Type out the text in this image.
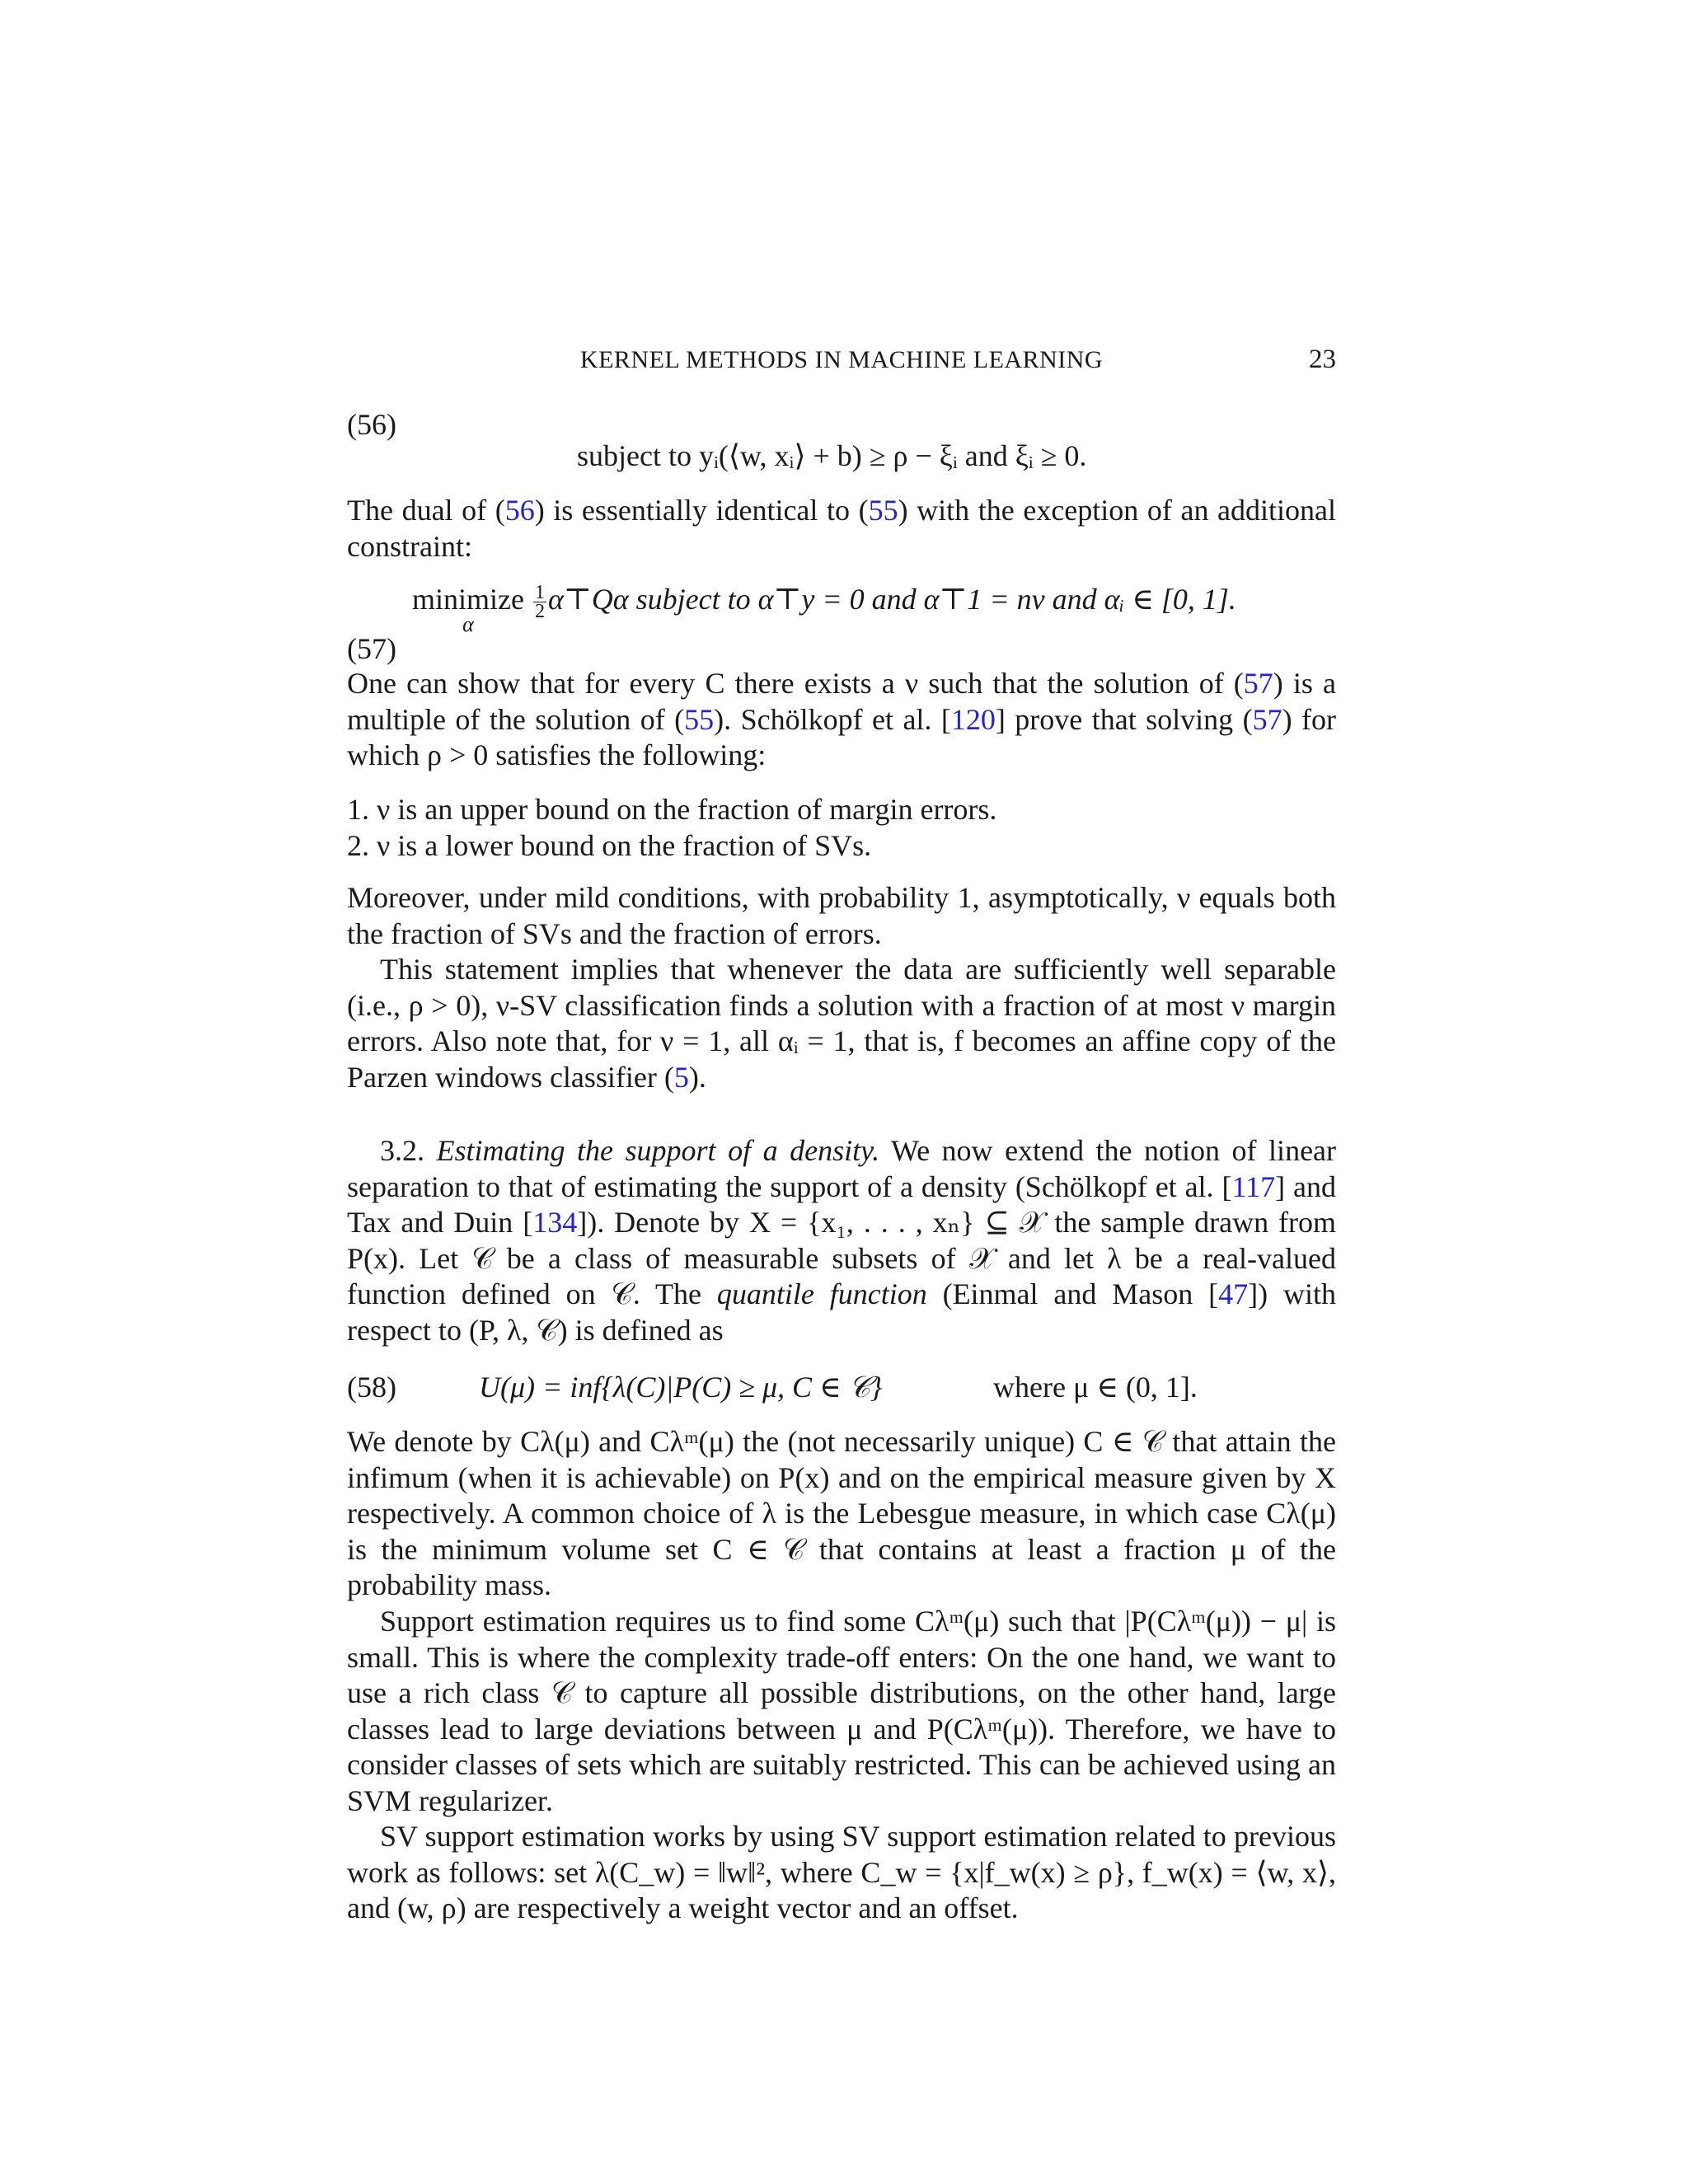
KERNEL METHODS IN MACHINE LEARNING	23
(56)
subject to yᵢ(⟨w, xᵢ⟩ + b) ≥ ρ − ξᵢ and ξᵢ ≥ 0.

The dual of (56) is essentially identical to (55) with the exception of an additional constraint:

minimize
α

$\frac{1}{2}$ α⊤Qα subject to α⊤y = 0 and α⊤1 = nν and αᵢ ∈ [0, 1].
(57)

One can show that for every C there exists a ν such that the solution of (57) is a multiple of the solution of (55). Schölkopf et al. [120] prove that solving (57) for which ρ > 0 satisfies the following:

1. ν is an upper bound on the fraction of margin errors.
2. ν is a lower bound on the fraction of SVs.

Moreover, under mild conditions, with probability 1, asymptotically, ν equals both the fraction of SVs and the fraction of errors.

This statement implies that whenever the data are sufficiently well separable (i.e., ρ > 0), ν-SV classification finds a solution with a fraction of at most ν margin errors. Also note that, for ν = 1, all αᵢ = 1, that is, f becomes an affine copy of the Parzen windows classifier (5).

3.2. Estimating the support of a density. We now extend the notion of linear separation to that of estimating the support of a density (Schölkopf et al. [117] and Tax and Duin [134]). Denote by X = {x₁, . . . , xₙ} ⊆ 𝒳 the sample drawn from P(x). Let 𝒞 be a class of measurable subsets of 𝒳 and let λ be a real-valued function defined on 𝒞. The quantile function (Einmal and Mason [47]) with respect to (P, λ, 𝒞) is defined as

(58)	U(μ) = inf{λ(C)|P(C) ≥ μ, C ∈ 𝒞}	where μ ∈ (0, 1].

We denote by Cλ(μ) and Cλᵐ(μ) the (not necessarily unique) C ∈ 𝒞 that attain the infimum (when it is achievable) on P(x) and on the empirical measure given by X respectively. A common choice of λ is the Lebesgue measure, in which case Cλ(μ) is the minimum volume set C ∈ 𝒞 that contains at least a fraction μ of the probability mass.

Support estimation requires us to find some Cλᵐ(μ) such that |P(Cλᵐ(μ)) − μ| is small. This is where the complexity trade-off enters: On the one hand, we want to use a rich class 𝒞 to capture all possible distributions, on the other hand, large classes lead to large deviations between μ and P(Cλᵐ(μ)). Therefore, we have to consider classes of sets which are suitably restricted. This can be achieved using an SVM regularizer.

SV support estimation works by using SV support estimation related to previous work as follows: set λ(C_w) = ‖w‖², where C_w = {x|f_w(x) ≥ ρ}, f_w(x) = ⟨w, x⟩, and (w, ρ) are respectively a weight vector and an offset.
